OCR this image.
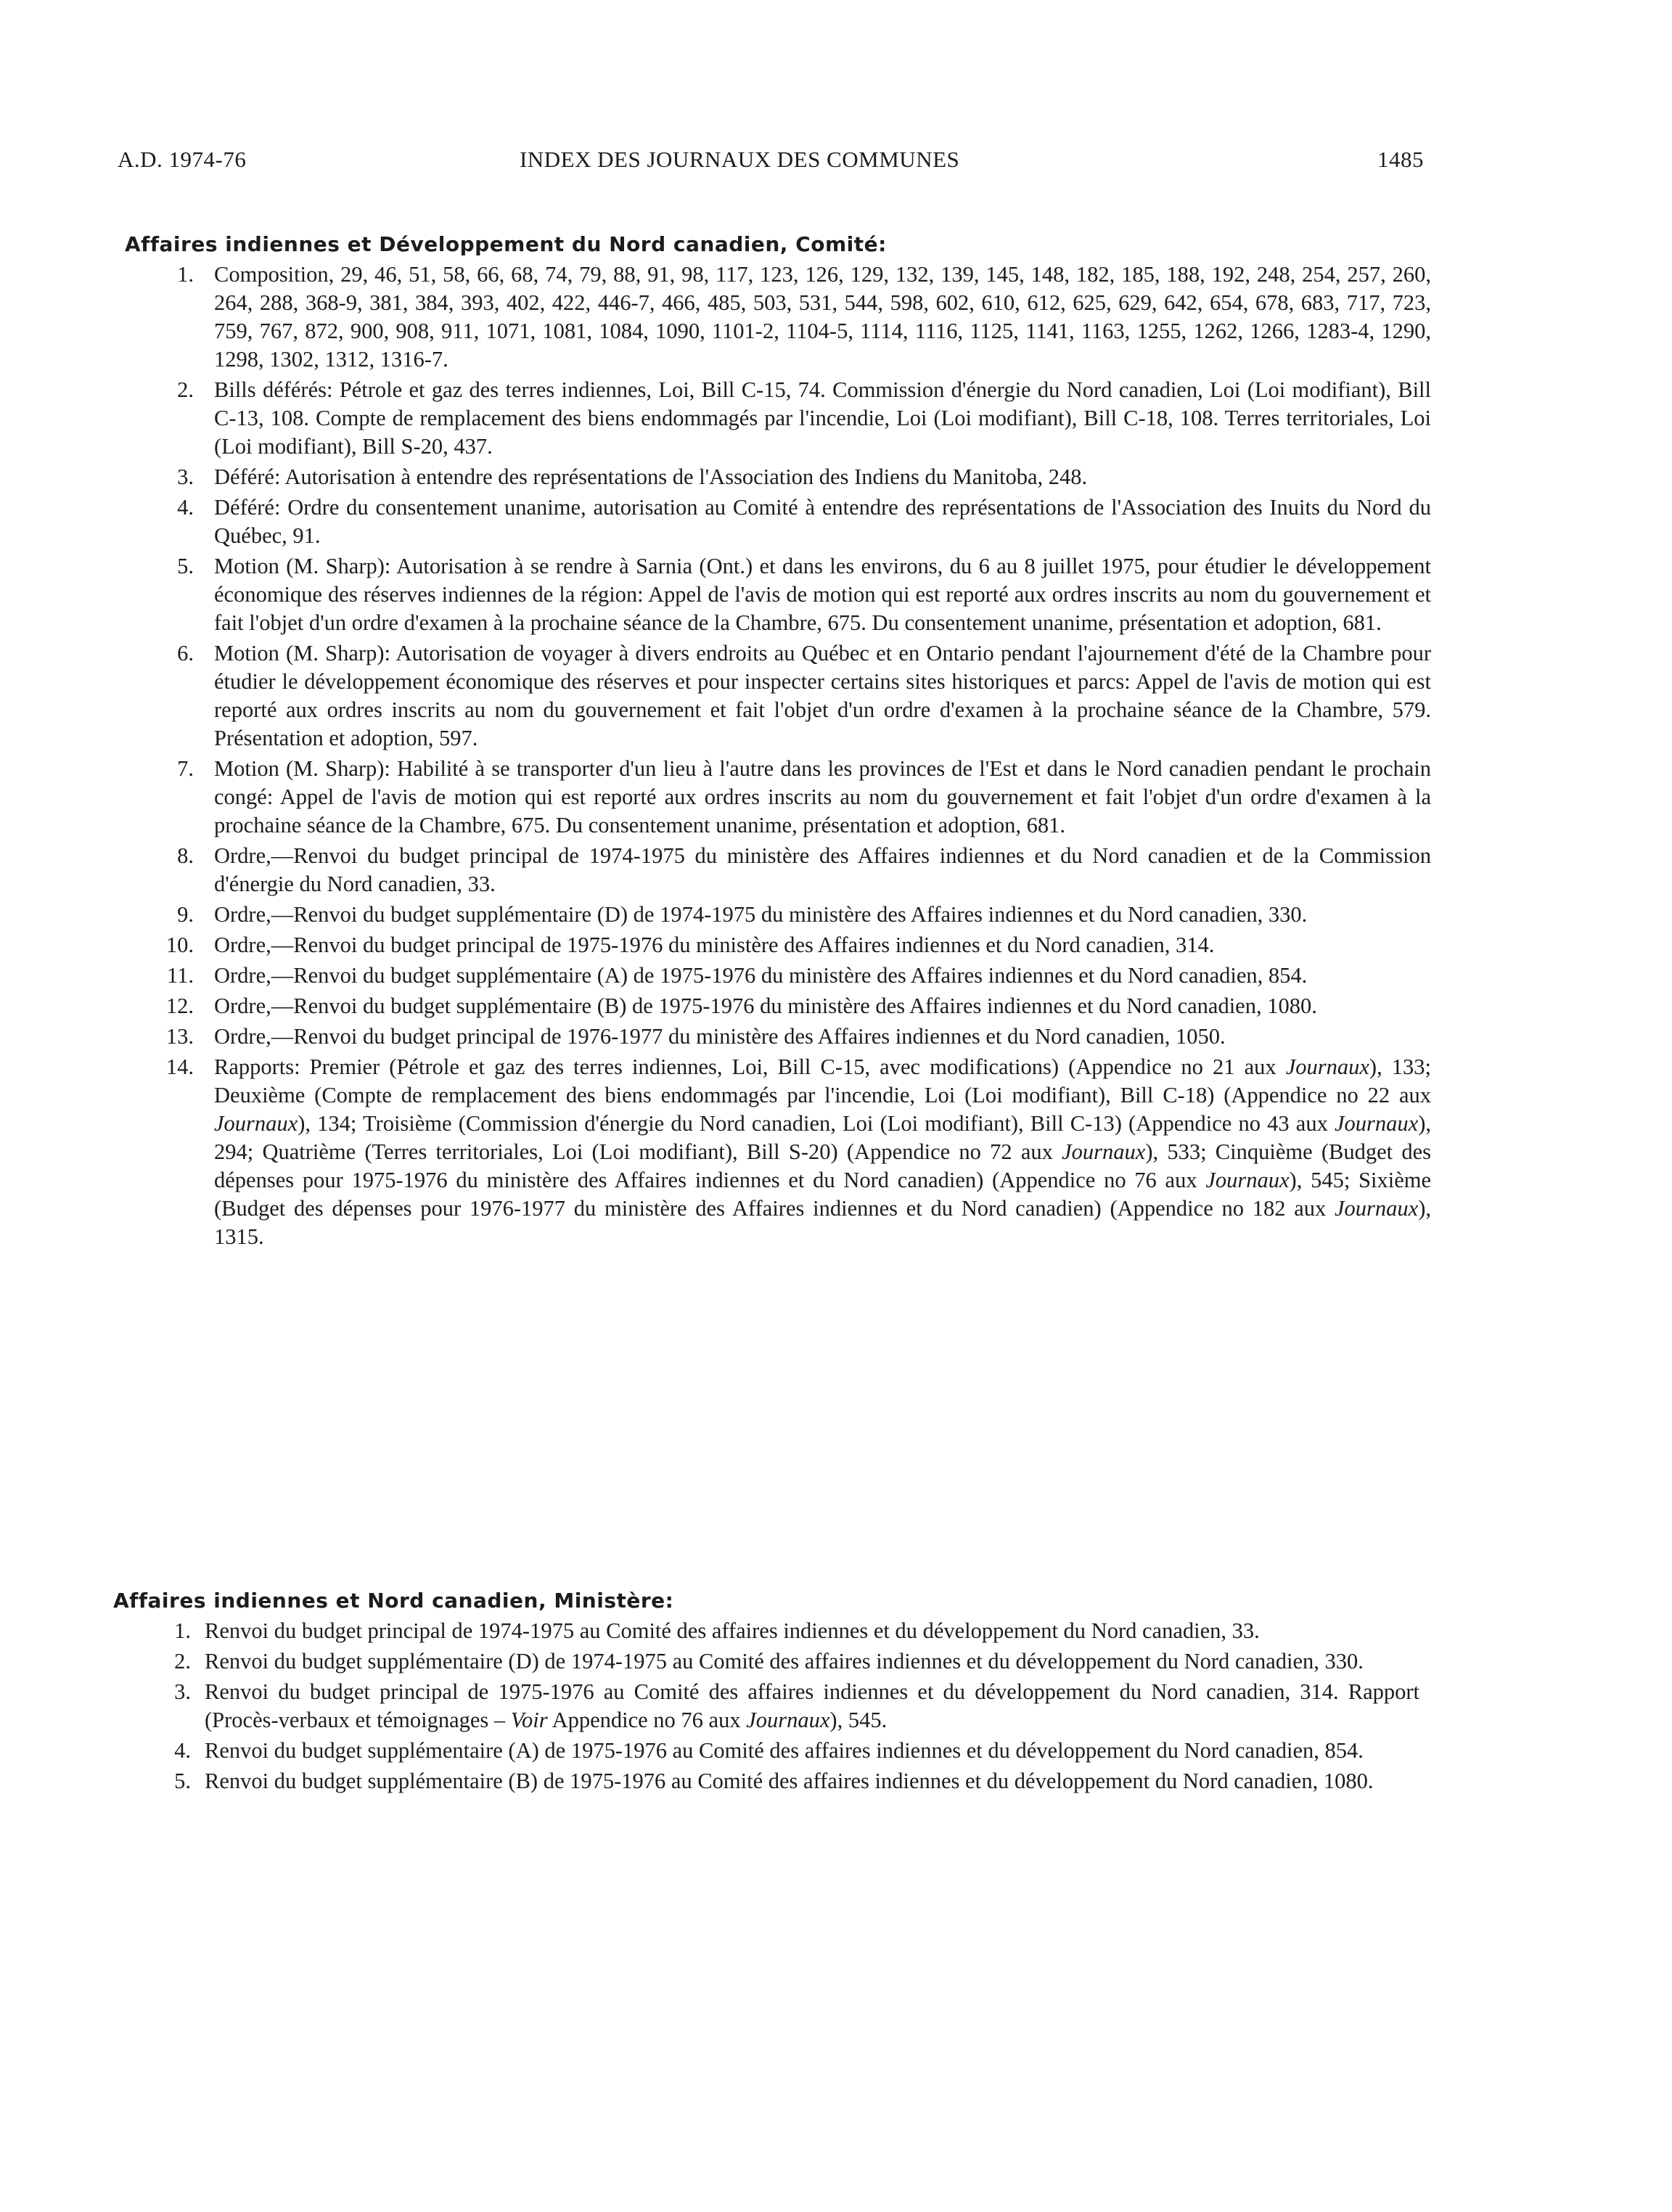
A.D. 1974-76	INDEX DES JOURNAUX DES COMMUNES	1485
Affaires indiennes et Développement du Nord canadien, Comité:
1. Composition, 29, 46, 51, 58, 66, 68, 74, 79, 88, 91, 98, 117, 123, 126, 129, 132, 139, 145, 148, 182, 185, 188, 192, 248, 254, 257, 260, 264, 288, 368-9, 381, 384, 393, 402, 422, 446-7, 466, 485, 503, 531, 544, 598, 602, 610, 612, 625, 629, 642, 654, 678, 683, 717, 723, 759, 767, 872, 900, 908, 911, 1071, 1081, 1084, 1090, 1101-2, 1104-5, 1114, 1116, 1125, 1141, 1163, 1255, 1262, 1266, 1283-4, 1290, 1298, 1302, 1312, 1316-7.
2. Bills déférés: Pétrole et gaz des terres indiennes, Loi, Bill C-15, 74. Commission d'énergie du Nord canadien, Loi (Loi modifiant), Bill C-13, 108. Compte de remplacement des biens endommagés par l'incendie, Loi (Loi modifiant), Bill C-18, 108. Terres territoriales, Loi (Loi modifiant), Bill S-20, 437.
3. Déféré: Autorisation à entendre des représentations de l'Association des Indiens du Manitoba, 248.
4. Déféré: Ordre du consentement unanime, autorisation au Comité à entendre des représentations de l'Association des Inuits du Nord du Québec, 91.
5. Motion (M. Sharp): Autorisation à se rendre à Sarnia (Ont.) et dans les environs, du 6 au 8 juillet 1975, pour étudier le développement économique des réserves indiennes de la région: Appel de l'avis de motion qui est reporté aux ordres inscrits au nom du gouvernement et fait l'objet d'un ordre d'examen à la prochaine séance de la Chambre, 675. Du consentement unanime, présentation et adoption, 681.
6. Motion (M. Sharp): Autorisation de voyager à divers endroits au Québec et en Ontario pendant l'ajournement d'été de la Chambre pour étudier le développement économique des réserves et pour inspecter certains sites historiques et parcs: Appel de l'avis de motion qui est reporté aux ordres inscrits au nom du gouvernement et fait l'objet d'un ordre d'examen à la prochaine séance de la Chambre, 579. Présentation et adoption, 597.
7. Motion (M. Sharp): Habilité à se transporter d'un lieu à l'autre dans les provinces de l'Est et dans le Nord canadien pendant le prochain congé: Appel de l'avis de motion qui est reporté aux ordres inscrits au nom du gouvernement et fait l'objet d'un ordre d'examen à la prochaine séance de la Chambre, 675. Du consentement unanime, présentation et adoption, 681.
8. Ordre,—Renvoi du budget principal de 1974-1975 du ministère des Affaires indiennes et du Nord canadien et de la Commission d'énergie du Nord canadien, 33.
9. Ordre,—Renvoi du budget supplémentaire (D) de 1974-1975 du ministère des Affaires indiennes et du Nord canadien, 330.
10. Ordre,—Renvoi du budget principal de 1975-1976 du ministère des Affaires indiennes et du Nord canadien, 314.
11. Ordre,—Renvoi du budget supplémentaire (A) de 1975-1976 du ministère des Affaires indiennes et du Nord canadien, 854.
12. Ordre,—Renvoi du budget supplémentaire (B) de 1975-1976 du ministère des Affaires indiennes et du Nord canadien, 1080.
13. Ordre,—Renvoi du budget principal de 1976-1977 du ministère des Affaires indiennes et du Nord canadien, 1050.
14. Rapports: Premier (Pétrole et gaz des terres indiennes, Loi, Bill C-15, avec modifications) (Appendice no 21 aux Journaux), 133; Deuxième (Compte de remplacement des biens endommagés par l'incendie, Loi (Loi modifiant), Bill C-18) (Appendice no 22 aux Journaux), 134; Troisième (Commission d'énergie du Nord canadien, Loi (Loi modifiant), Bill C-13) (Appendice no 43 aux Journaux), 294; Quatrième (Terres territoriales, Loi (Loi modifiant), Bill S-20) (Appendice no 72 aux Journaux), 533; Cinquième (Budget des dépenses pour 1975-1976 du ministère des Affaires indiennes et du Nord canadien) (Appendice no 76 aux Journaux), 545; Sixième (Budget des dépenses pour 1976-1977 du ministère des Affaires indiennes et du Nord canadien) (Appendice no 182 aux Journaux), 1315.
Affaires indiennes et Nord canadien, Ministère:
1. Renvoi du budget principal de 1974-1975 au Comité des affaires indiennes et du développement du Nord canadien, 33.
2. Renvoi du budget supplémentaire (D) de 1974-1975 au Comité des affaires indiennes et du développement du Nord canadien, 330.
3. Renvoi du budget principal de 1975-1976 au Comité des affaires indiennes et du développement du Nord canadien, 314. Rapport (Procès-verbaux et témoignages – Voir Appendice no 76 aux Journaux), 545.
4. Renvoi du budget supplémentaire (A) de 1975-1976 au Comité des affaires indiennes et du développement du Nord canadien, 854.
5. Renvoi du budget supplémentaire (B) de 1975-1976 au Comité des affaires indiennes et du développement du Nord canadien, 1080.
